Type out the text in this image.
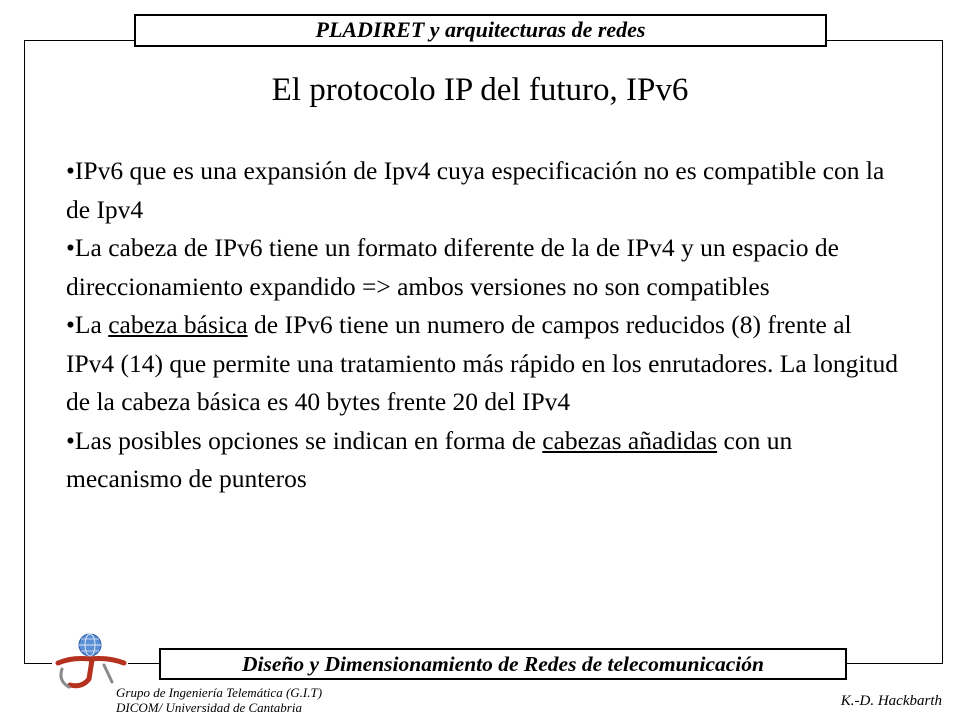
PLADIRET y arquitecturas de redes
El protocolo IP del futuro, IPv6

•IPv6 que es una expansión de Ipv4 cuya especificación no es compatible con la de Ipv4

•La cabeza de IPv6 tiene un formato diferente de la de IPv4 y un espacio de direccionamiento expandido => ambos versiones no son compatibles

•La cabeza básica de IPv6 tiene un numero de campos reducidos (8) frente al IPv4 (14) que permite una tratamiento más rápido en los enrutadores. La longitud de la cabeza básica es 40 bytes frente 20 del IPv4

•Las posibles opciones se indican en forma de cabezas añadidas con un mecanismo de punteros

Diseño y Dimensionamiento de Redes de telecomunicación
Grupo de Ingeniería Telemática (G.I.T)
DICOM/ Universidad de Cantabria	K.-D. Hackbarth
